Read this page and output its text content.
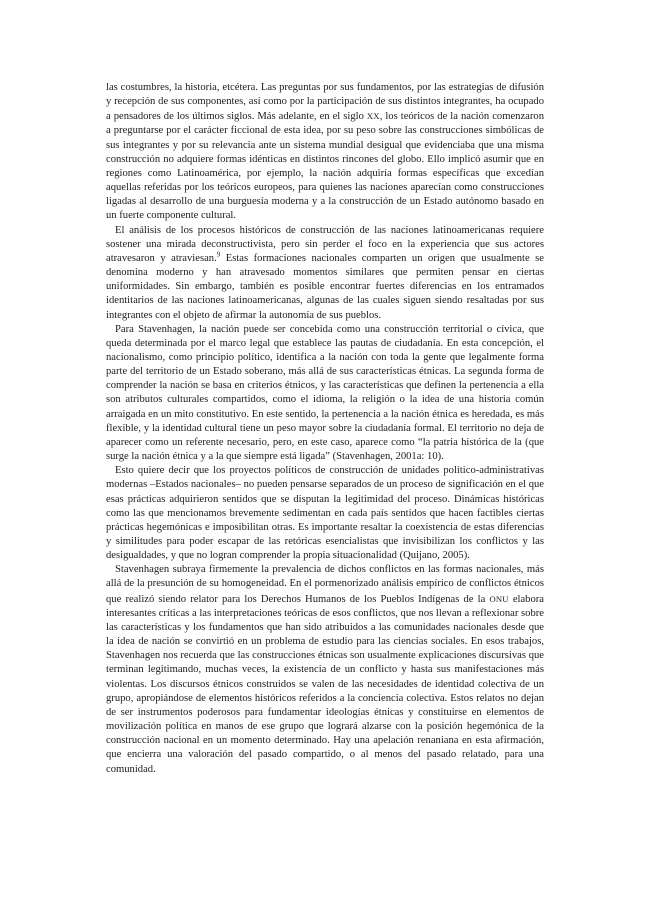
las costumbres, la historia, etcétera. Las preguntas por sus fundamentos, por las estrategias de difusión y recepción de sus componentes, así como por la participación de sus distintos integrantes, ha ocupado a pensadores de los últimos siglos. Más adelante, en el siglo XX, los teóricos de la nación comenzaron a preguntarse por el carácter ficcional de esta idea, por su peso sobre las construcciones simbólicas de sus integrantes y por su relevancia ante un sistema mundial desigual que evidenciaba que una misma construcción no adquiere formas idénticas en distintos rincones del globo. Ello implicó asumir que en regiones como Latinoamérica, por ejemplo, la nación adquiría formas específicas que excedían aquellas referidas por los teóricos europeos, para quienes las naciones aparecían como construcciones ligadas al desarrollo de una burguesía moderna y a la construcción de un Estado autónomo basado en un fuerte componente cultural.

El análisis de los procesos históricos de construcción de las naciones latinoamericanas requiere sostener una mirada deconstructivista, pero sin perder el foco en la experiencia que sus actores atravesaron y atraviesan.$^9$ Estas formaciones nacionales comparten un origen que usualmente se denomina moderno y han atravesado momentos similares que permiten pensar en ciertas uniformidades. Sin embargo, también es posible encontrar fuertes diferencias en los entramados identitarios de las naciones latinoamericanas, algunas de las cuales siguen siendo resaltadas por sus integrantes con el objeto de afirmar la autonomía de sus pueblos.

Para Stavenhagen, la nación puede ser concebida como una construcción territorial o cívica, que queda determinada por el marco legal que establece las pautas de ciudadanía. En esta concepción, el nacionalismo, como principio político, identifica a la nación con toda la gente que legalmente forma parte del territorio de un Estado soberano, más allá de sus características étnicas. La segunda forma de comprender la nación se basa en criterios étnicos, y las características que definen la pertenencia a ella son atributos culturales compartidos, como el idioma, la religión o la idea de una historia común arraigada en un mito constitutivo. En este sentido, la pertenencia a la nación étnica es heredada, es más flexible, y la identidad cultural tiene un peso mayor sobre la ciudadanía formal. El territorio no deja de aparecer como un referente necesario, pero, en este caso, aparece como “la patria histórica de la (que surge la nación étnica y a la que siempre está ligada” (Stavenhagen, 2001a: 10).

Esto quiere decir que los proyectos políticos de construcción de unidades político-administrativas modernas –Estados nacionales– no pueden pensarse separados de un proceso de significación en el que esas prácticas adquirieron sentidos que se disputan la legitimidad del proceso. Dinámicas históricas como las que mencionamos brevemente sedimentan en cada país sentidos que hacen factibles ciertas prácticas hegemónicas e imposibilitan otras. Es importante resaltar la coexistencia de estas diferencias y similitudes para poder escapar de las retóricas esencialistas que invisibilizan los conflictos y las desigualdades, y que no logran comprender la propia situacionalidad (Quijano, 2005).

Stavenhagen subraya firmemente la prevalencia de dichos conflictos en las formas nacionales, más allá de la presunción de su homogeneidad. En el pormenorizado análisis empírico de conflictos étnicos que realizó siendo relator para los Derechos Humanos de los Pueblos Indígenas de la ONU elabora interesantes críticas a las interpretaciones teóricas de esos conflictos, que nos llevan a reflexionar sobre las características y los fundamentos que han sido atribuidos a las comunidades nacionales desde que la idea de nación se convirtió en un problema de estudio para las ciencias sociales. En esos trabajos, Stavenhagen nos recuerda que las construcciones étnicas son usualmente explicaciones discursivas que terminan legitimando, muchas veces, la existencia de un conflicto y hasta sus manifestaciones más violentas. Los discursos étnicos construidos se valen de las necesidades de identidad colectiva de un grupo, apropiándose de elementos históricos referidos a la conciencia colectiva. Estos relatos no dejan de ser instrumentos poderosos para fundamentar ideologías étnicas y constituirse en elementos de movilización política en manos de ese grupo que logrará alzarse con la posición hegemónica de la construcción nacional en un momento determinado. Hay una apelación renaniana en esta afirmación, que encierra una valoración del pasado compartido, o al menos del pasado relatado, para una comunidad.
